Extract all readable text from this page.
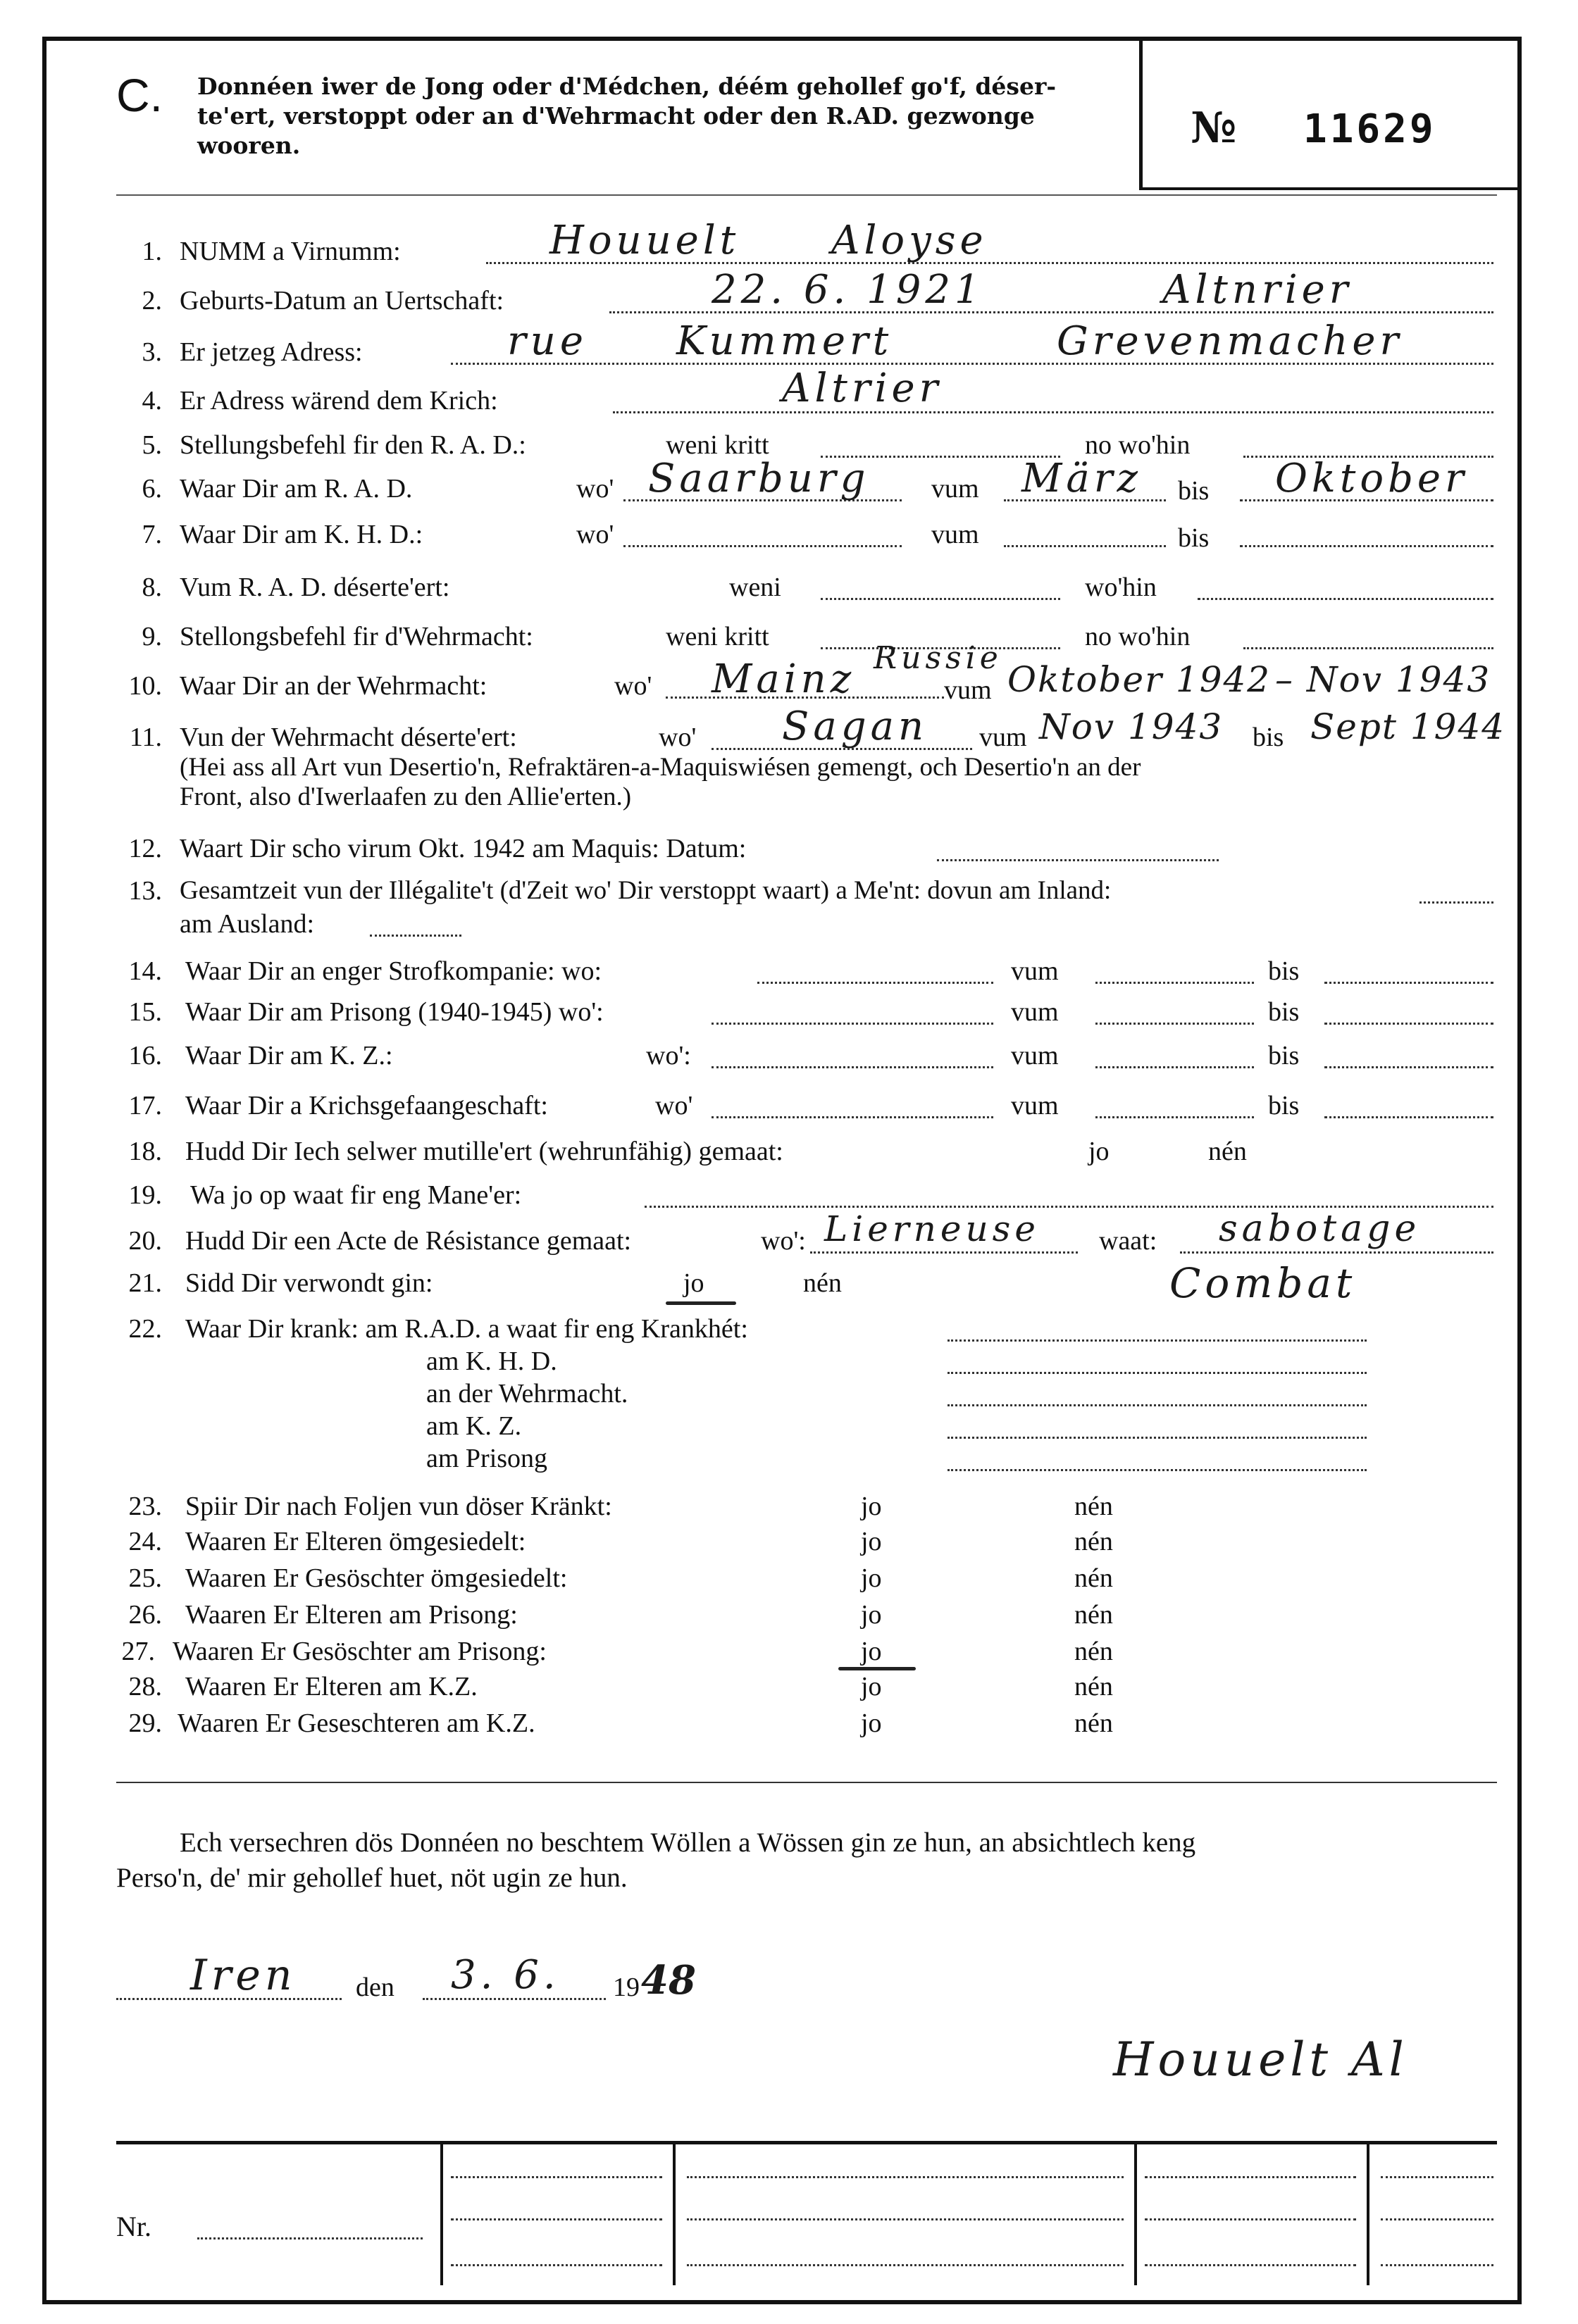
C. Donnéen iwer de Jong oder d'Médchen, déém gehollef go'f, déser-
te'ert, verstoppt oder an d'Wehrmacht oder den R.AD. gezwonge
wooren.	№ 11629
1. NUMM a Virnumm:	Houuelt Aloyse
2. Geburts-Datum an Uertschaft:	22. 6. 1921	Altnrier
3. Er jetzeg Adress:	rue Kummert	Grevenmacher
4. Er Adress wärend dem Krich:	Altrier
5. Stellungsbefehl fir den R. A. D.:	weni kritt	no wo'hin
6. Waar Dir am R. A. D.	wo' Saarburg vum März bis Oktober
7. Waar Dir am K. H. D.:	wo'	vum	bis
8. Vum R. A. D. déserte'ert:	weni	wo'hin
9. Stellongsbefehl fir d'Wehrmacht:	weni kritt	no wo'hin
10. Waar Dir an der Wehrmacht:	wo' Mainz Russie
vum Oktober 1942 – Nov 1943
11. Vun der Wehrmacht déserte'ert:	wo' Sagan vum Nov 1943 bis Sept 1944
(Hei ass all Art vun Desertio'n, Refraktären-a-Maquiswiésen gemengt, och Desertio'n an der
Front, also d'Iwerlaafen zu den Allie'erten.)
12. Waart Dir scho virum Okt. 1942 am Maquis: Datum:
13. Gesamtzeit vun der Illégalite't (d'Zeit wo' Dir verstoppt waart) a Me'nt: dovun am Inland:
am Ausland:
14. Waar Dir an enger Strofkompanie: wo:	vum	bis
15. Waar Dir am Prisong (1940-1945) wo':	vum	bis
16. Waar Dir am K. Z.:	wo':	vum	bis
17. Waar Dir a Krichsgefaangeschaft:	wo'	vum	bis
18. Hudd Dir Iech selwer mutille'ert (wehrunfähig) gemaat:	jo	nén
19. Wa jo op waat fir eng Mane'er:
20. Hudd Dir een Acte de Résistance gemaat:	wo': Lierneuse waat: sabotage
21. Sidd Dir verwondt gin:	jo	nén	Combat
22. Waar Dir krank: am R.A.D. a waat fir eng Krankhét:
am K. H. D.
an der Wehrmacht.
am K. Z.
am Prisong
23. Spiir Dir nach Foljen vun döser Kränkt:	jo	nén
24. Waaren Er Elteren ömgesiedelt:	jo	nén
25. Waaren Er Gesöschter ömgesiedelt:	jo	nén
26. Waaren Er Elteren am Prisong:	jo	nén
27. Waaren Er Gesöschter am Prisong:	jo	nén
28. Waaren Er Elteren am K.Z.	jo	nén
29. Waaren Er Geseschteren am K.Z.	jo	nén
Ech versechren dös Donnéen no beschtem Wöllen a Wössen gin ze hun, an absichtlech keng
Perso'n, de' mir gehollef huet, nöt ugin ze hun.
Iren den 3. 6. 19 48
Houuelt Al
Nr.
